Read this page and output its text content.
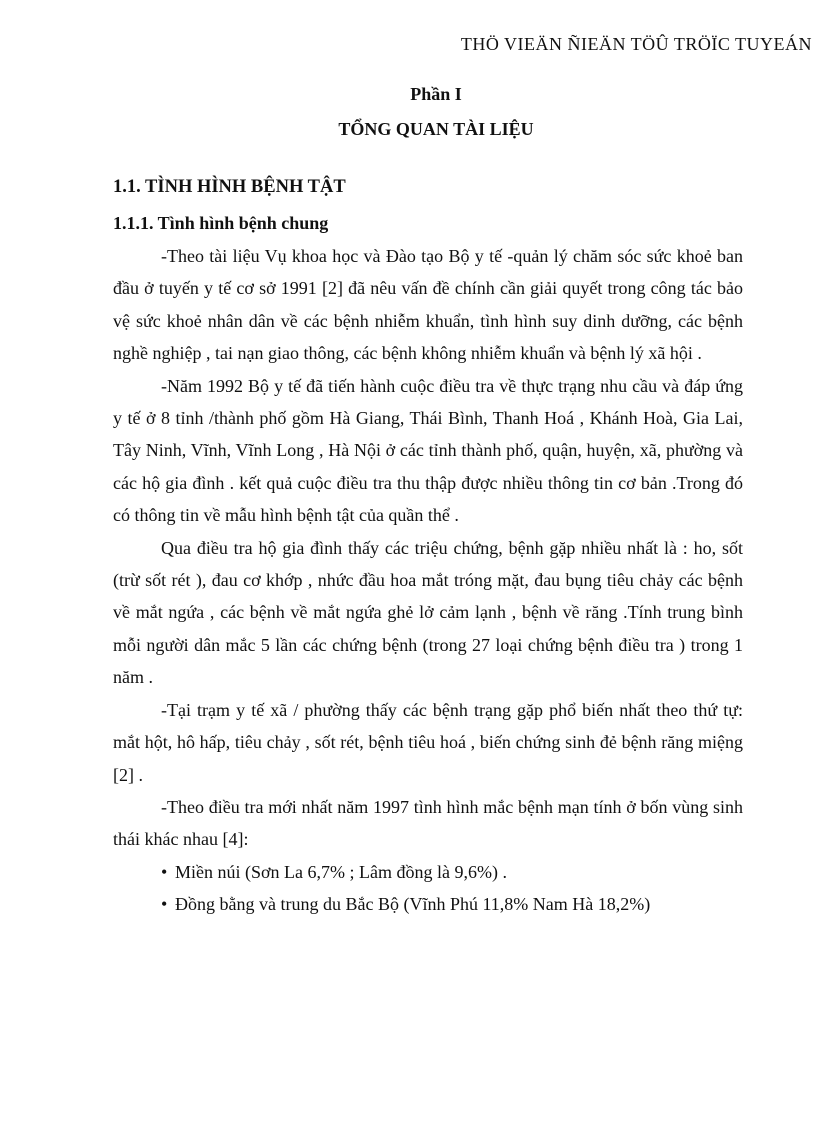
THÖ VIEÄN ÑIEÄN TÖÛ TRÖÏC TUYEÁN
Phần I
TỔNG QUAN TÀI LIỆU
1.1. TÌNH HÌNH BỆNH TẬT
1.1.1. Tình hình bệnh chung

-Theo tài liệu Vụ khoa học và Đào tạo Bộ y tế -quản lý chăm sóc sức khoẻ ban đầu ở tuyến y tế cơ sở 1991 [2] đã nêu vấn đề chính cần giải quyết trong công tác bảo vệ sức khoẻ nhân dân về các bệnh nhiễm khuẩn, tình hình suy dinh dưỡng, các bệnh nghề nghiệp , tai nạn giao thông, các bệnh không nhiễm khuẩn và bệnh lý xã hội .

-Năm 1992 Bộ y tế đã tiến hành cuộc điều tra về thực trạng nhu cầu và đáp ứng y tế ở 8 tỉnh /thành phố gồm Hà Giang, Thái Bình, Thanh Hoá , Khánh Hoà, Gia Lai, Tây Ninh, Vĩnh, Vĩnh Long , Hà Nội ở các tỉnh thành phố, quận, huyện, xã, phường và các hộ gia đình . kết quả cuộc điều tra thu thập được nhiều thông tin cơ bản .Trong đó có thông tin về mẫu hình bệnh tật của quần thể .

Qua điều tra hộ gia đình thấy các triệu chứng, bệnh gặp nhiều nhất là : ho, sốt (trừ sốt rét ), đau cơ khớp , nhức đầu hoa mắt tróng mặt, đau bụng tiêu chảy các bệnh về mắt ngứa , các bệnh về mắt ngứa ghẻ lở cảm lạnh , bệnh về răng .Tính trung bình mỗi người dân mắc 5 lần các chứng bệnh (trong 27 loại chứng bệnh điều tra ) trong 1 năm .

-Tại trạm y tế xã / phường thấy các bệnh trạng gặp phổ biến nhất theo thứ tự: mắt hột, hô hấp, tiêu chảy , sốt rét, bệnh tiêu hoá , biến chứng sinh đẻ bệnh răng miệng [2] .

-Theo điều tra mới nhất năm 1997 tình hình mắc bệnh mạn tính ở bốn vùng sinh thái khác nhau [4]:

• Miền núi (Sơn La 6,7% ; Lâm đồng là 9,6%) .
• Đồng bằng và trung du Bắc Bộ (Vĩnh Phú 11,8% Nam Hà 18,2%)
